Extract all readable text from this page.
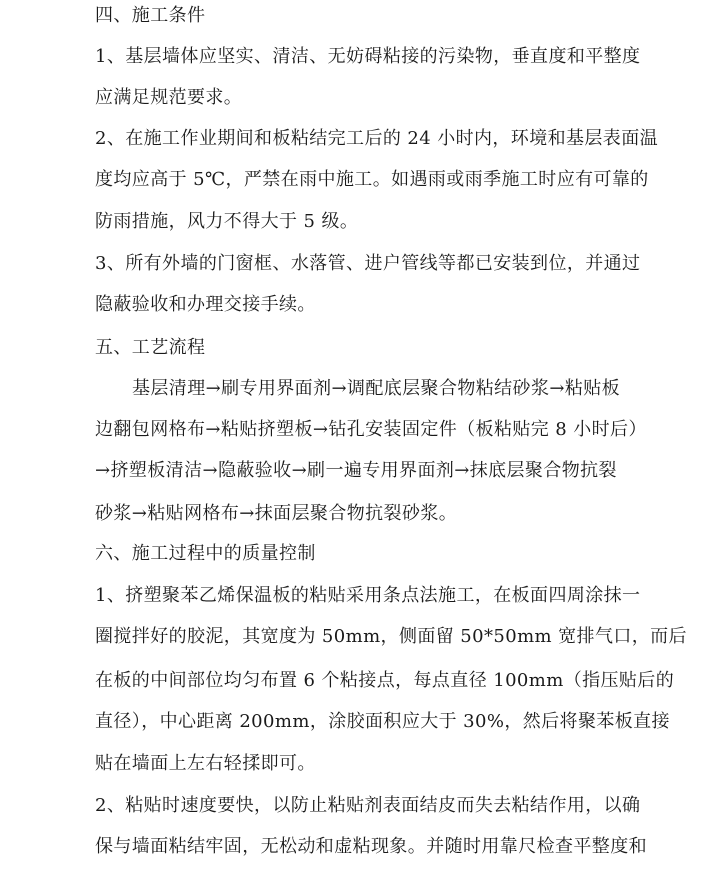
四、施工条件
1、基层墙体应坚实、清洁、无妨碍粘接的污染物，垂直度和平整度
应满足规范要求。
2、在施工作业期间和板粘结完工后的 24 小时内，环境和基层表面温
度均应高于 5℃，严禁在雨中施工。如遇雨或雨季施工时应有可靠的
防雨措施，风力不得大于 5 级。
3、所有外墙的门窗框、水落管、进户管线等都已安装到位，并通过
隐蔽验收和办理交接手续。
五、工艺流程
基层清理→刷专用界面剂→调配底层聚合物粘结砂浆→粘贴板
边翻包网格布→粘贴挤塑板→钻孔安装固定件（板粘贴完 8 小时后）
→挤塑板清洁→隐蔽验收→刷一遍专用界面剂→抹底层聚合物抗裂
砂浆→粘贴网格布→抹面层聚合物抗裂砂浆。
六、施工过程中的质量控制
1、挤塑聚苯乙烯保温板的粘贴采用条点法施工，在板面四周涂抹一
圈搅拌好的胶泥，其宽度为 50mm，侧面留 50*50mm 宽排气口，而后
在板的中间部位均匀布置 6 个粘接点，每点直径 100mm（指压贴后的
直径），中心距离 200mm，涂胶面积应大于 30%，然后将聚苯板直接
贴在墙面上左右轻揉即可。
2、粘贴时速度要快，以防止粘贴剂表面结皮而失去粘结作用，以确
保与墙面粘结牢固，无松动和虚粘现象。并随时用靠尺检查平整度和
